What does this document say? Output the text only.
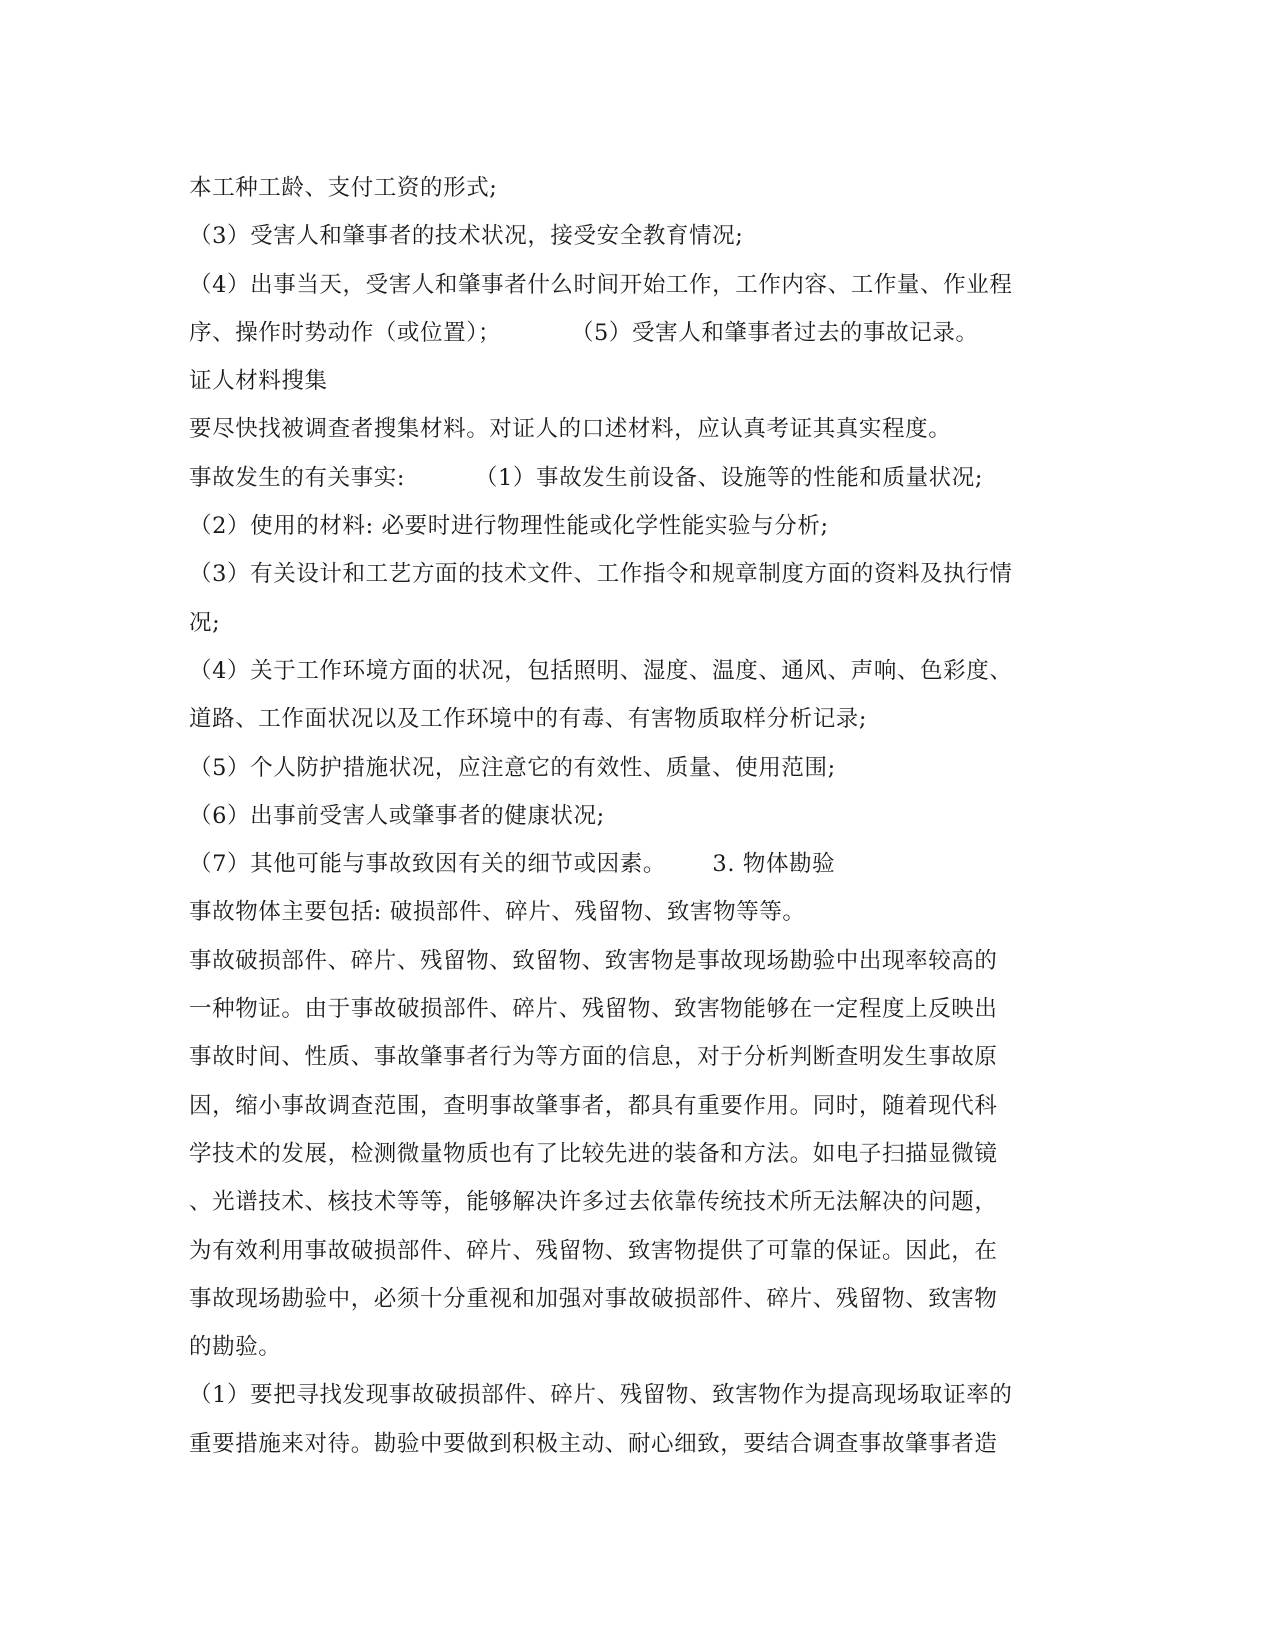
本工种工龄、支付工资的形式;
（3）受害人和肇事者的技术状况，接受安全教育情况;
（4）出事当天，受害人和肇事者什么时间开始工作，工作内容、工作量、作业程
序、操作时势动作（或位置）；         （5）受害人和肇事者过去的事故记录。
证人材料搜集
要尽快找被调查者搜集材料。对证人的口述材料，应认真考证其真实程度。
事故发生的有关事实:         （1）事故发生前设备、设施等的性能和质量状况;
（2）使用的材料: 必要时进行物理性能或化学性能实验与分析;
（3）有关设计和工艺方面的技术文件、工作指令和规章制度方面的资料及执行情
况;
（4）关于工作环境方面的状况，包括照明、湿度、温度、通风、声响、色彩度、
道路、工作面状况以及工作环境中的有毒、有害物质取样分析记录;
（5）个人防护措施状况，应注意它的有效性、质量、使用范围;
（6）出事前受害人或肇事者的健康状况;
（7）其他可能与事故致因有关的细节或因素。      3. 物体勘验
事故物体主要包括: 破损部件、碎片、残留物、致害物等等。
事故破损部件、碎片、残留物、致留物、致害物是事故现场勘验中出现率较高的
一种物证。由于事故破损部件、碎片、残留物、致害物能够在一定程度上反映出
事故时间、性质、事故肇事者行为等方面的信息，对于分析判断查明发生事故原
因，缩小事故调查范围，查明事故肇事者，都具有重要作用。同时，随着现代科
学技术的发展，检测微量物质也有了比较先进的装备和方法。如电子扫描显微镜
、光谱技术、核技术等等，能够解决许多过去依靠传统技术所无法解决的问题，
为有效利用事故破损部件、碎片、残留物、致害物提供了可靠的保证。因此，在
事故现场勘验中，必须十分重视和加强对事故破损部件、碎片、残留物、致害物
的勘验。
（1）要把寻找发现事故破损部件、碎片、残留物、致害物作为提高现场取证率的
重要措施来对待。勘验中要做到积极主动、耐心细致，要结合调查事故肇事者造
